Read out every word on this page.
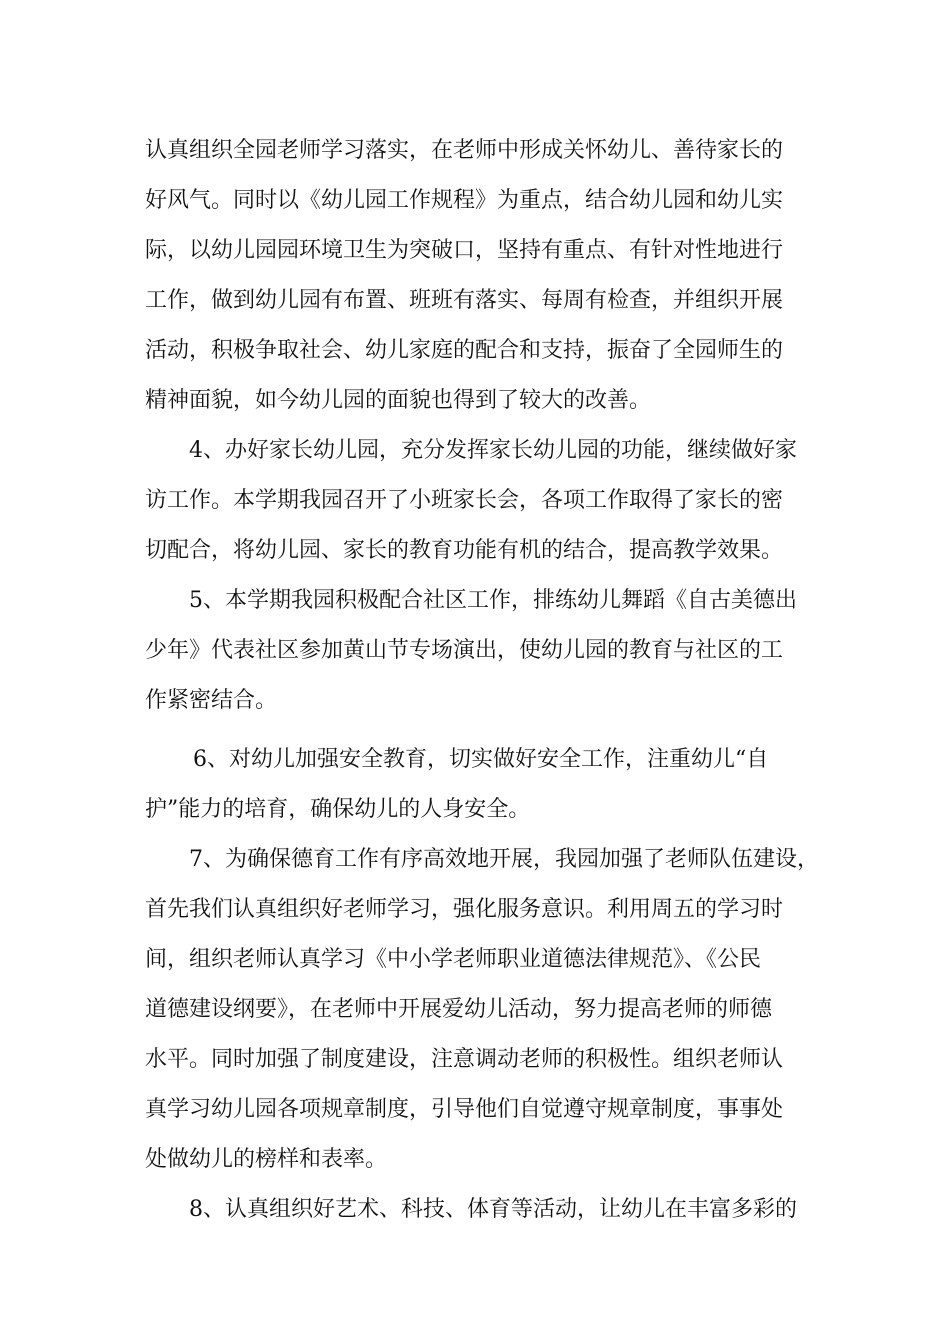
认真组织全园老师学习落实，在老师中形成关怀幼儿、善待家长的
好风气。同时以《幼儿园工作规程》为重点，结合幼儿园和幼儿实
际，以幼儿园园环境卫生为突破口，坚持有重点、有针对性地进行
工作，做到幼儿园有布置、班班有落实、每周有检查，并组织开展
活动，积极争取社会、幼儿家庭的配合和支持，振奋了全园师生的
精神面貌，如今幼儿园的面貌也得到了较大的改善。
4、办好家长幼儿园，充分发挥家长幼儿园的功能，继续做好家
访工作。本学期我园召开了小班家长会，各项工作取得了家长的密
切配合，将幼儿园、家长的教育功能有机的结合，提高教学效果。
5、本学期我园积极配合社区工作，排练幼儿舞蹈《自古美德出
少年》代表社区参加黄山节专场演出，使幼儿园的教育与社区的工
作紧密结合。
6、对幼儿加强安全教育，切实做好安全工作，注重幼儿“自
护”能力的培育，确保幼儿的人身安全。
7、为确保德育工作有序高效地开展，我园加强了老师队伍建设，
首先我们认真组织好老师学习，强化服务意识。利用周五的学习时
间，组织老师认真学习《中小学老师职业道德法律规范》、《公民
道德建设纲要》，在老师中开展爱幼儿活动，努力提高老师的师德
水平。同时加强了制度建设，注意调动老师的积极性。组织老师认
真学习幼儿园各项规章制度，引导他们自觉遵守规章制度，事事处
处做幼儿的榜样和表率。
8、认真组织好艺术、科技、体育等活动，让幼儿在丰富多彩的
